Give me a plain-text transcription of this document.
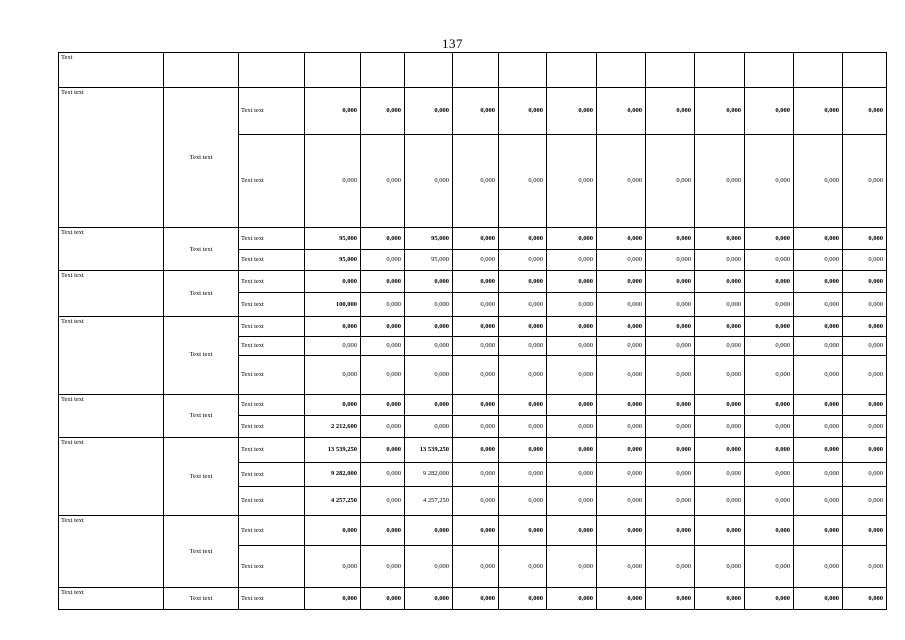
137
Text															
Text text	Text text	Text text	0,000	0,000	0,000	0,000	0,000	0,000	0,000	0,000	0,000	0,000	0,000	0,000	
		Text text	0,000	0,000	0,000	0,000	0,000	0,000	0,000	0,000	0,000	0,000	0,000	0,000	
Text text	Text text	Text text	95,000	0,000	95,000	0,000	0,000	0,000	0,000	0,000	0,000	0,000	0,000	0,000	
		Text text	95,000	0,000	95,000	0,000	0,000	0,000	0,000	0,000	0,000	0,000	0,000	0,000	
Text text	Text text	Text text	0,000	0,000	0,000	0,000	0,000	0,000	0,000	0,000	0,000	0,000	0,000	0,000	
		Text text	100,000	0,000	0,000	0,000	0,000	0,000	0,000	0,000	0,000	0,000	0,000	0,000	
Text text	Text text	Text text	0,000	0,000	0,000	0,000	0,000	0,000	0,000	0,000	0,000	0,000	0,000	0,000	
		Text text	0,000	0,000	0,000	0,000	0,000	0,000	0,000	0,000	0,000	0,000	0,000	0,000	
		Text text	0,000	0,000	0,000	0,000	0,000	0,000	0,000	0,000	0,000	0,000	0,000	0,000	
Text text	Text text	Text text	0,000	0,000	0,000	0,000	0,000	0,000	0,000	0,000	0,000	0,000	0,000	0,000	
		Text text	2 212,600	0,000	0,000	0,000	0,000	0,000	0,000	0,000	0,000	0,000	0,000	0,000	
Text text	Text text	Text text	13 539,250	0,000	13 539,250	0,000	0,000	0,000	0,000	0,000	0,000	0,000	0,000	0,000	
		Text text	9 282,000	0,000	9 282,000	0,000	0,000	0,000	0,000	0,000	0,000	0,000	0,000	0,000	
		Text text	4 257,250	0,000	4 257,250	0,000	0,000	0,000	0,000	0,000	0,000	0,000	0,000	0,000	
Text text	Text text	Text text	0,000	0,000	0,000	0,000	0,000	0,000	0,000	0,000	0,000	0,000	0,000	0,000	
		Text text	0,000	0,000	0,000	0,000	0,000	0,000	0,000	0,000	0,000	0,000	0,000	0,000	
Text text	Text text	Text text	0,000	0,000	0,000	0,000	0,000	0,000	0,000	0,000	0,000	0,000	0,000	0,000	
